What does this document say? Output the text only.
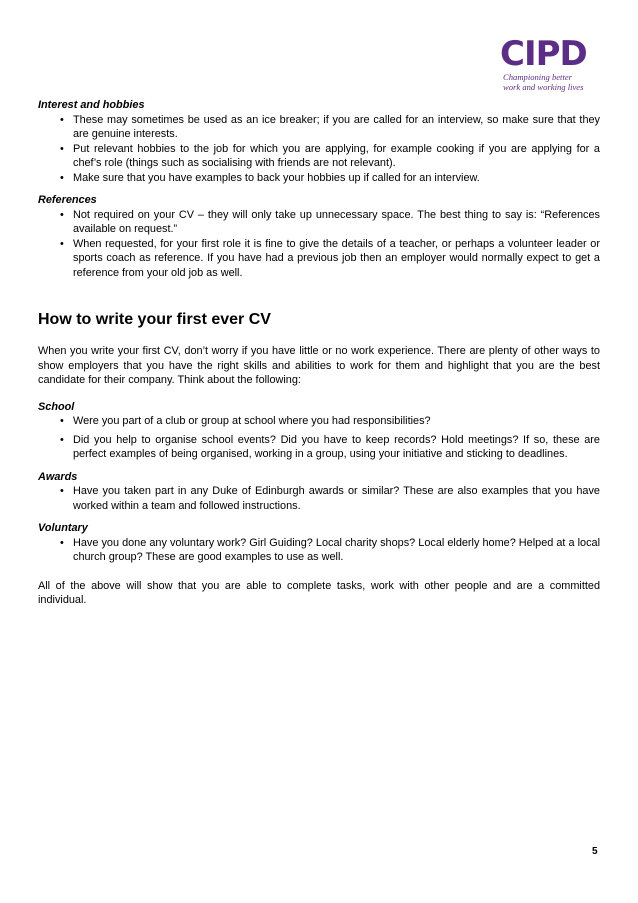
CIPD
Championing better
work and working lives

Interest and hobbies

• These may sometimes be used as an ice breaker; if you are called for an interview, so make sure that they are genuine interests.
• Put relevant hobbies to the job for which you are applying, for example cooking if you are applying for a chef’s role (things such as socialising with friends are not relevant).
• Make sure that you have examples to back your hobbies up if called for an interview.

References

• Not required on your CV – they will only take up unnecessary space. The best thing to say is: “References available on request.”
• When requested, for your first role it is fine to give the details of a teacher, or perhaps a volunteer leader or sports coach as reference. If you have had a previous job then an employer would normally expect to get a reference from your old job as well.
How to write your first ever CV

When you write your first CV, don’t worry if you have little or no work experience. There are plenty of other ways to show employers that you have the right skills and abilities to work for them and highlight that you are the best candidate for their company. Think about the following:

School

• Were you part of a club or group at school where you had responsibilities?
• Did you help to organise school events? Did you have to keep records? Hold meetings? If so, these are perfect examples of being organised, working in a group, using your initiative and sticking to deadlines.

Awards

• Have you taken part in any Duke of Edinburgh awards or similar? These are also examples that you have worked within a team and followed instructions.

Voluntary

• Have you done any voluntary work? Girl Guiding? Local charity shops? Local elderly home? Helped at a local church group? These are good examples to use as well.

All of the above will show that you are able to complete tasks, work with other people and are a committed individual.

5
